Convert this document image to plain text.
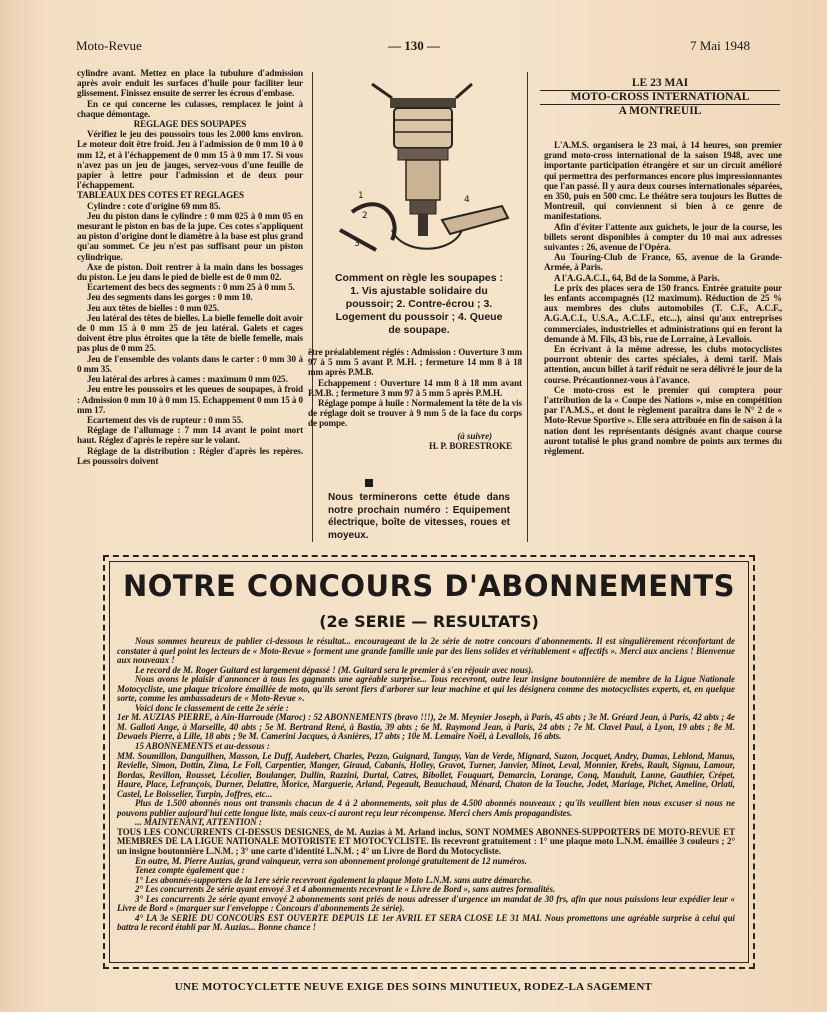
Moto-Revue	— 130 —	7 Mai 1948

cylindre avant. Mettez en place la tubulure d'admission après avoir enduit les surfaces d'huile pour faciliter leur glissement. Finissez ensuite de serrer les écrous d'embase.

En ce qui concerne les culasses, remplacez le joint à chaque démontage.

REGLAGE DES SOUPAPES

Vérifiez le jeu des poussoirs tous les 2.000 kms environ. Le moteur doit être froid. Jeu à l'admission de 0 mm 10 à 0 mm 12, et à l'échappement de 0 mm 15 à 0 mm 17. Si vous n'avez pas un jeu de jauges, servez-vous d'une feuille de papier à lettre pour l'admission et de deux pour l'échappement.

TABLEAUX DES COTES ET REGLAGES

Cylindre : cote d'origine 69 mm 85.

Jeu du piston dans le cylindre : 0 mm 025 à 0 mm 05 en mesurant le piston en bas de la jupe. Ces cotes s'appliquent au piston d'origine dont le diamètre à la base est plus grand qu'au sommet. Ce jeu n'est pas suffisant pour un piston cylindrique.

Axe de piston. Doit rentrer à la main dans les bossages du piston. Le jeu dans le pied de bielle est de 0 mm 02.

Ecartement des becs des segments : 0 mm 25 à 0 mm 5.

Jeu des segments dans les gorges : 0 mm 10.

Jeu aux têtes de bielles : 0 mm 025.

Jeu latéral des têtes de bielles. La bielle femelle doit avoir de 0 mm 15 à 0 mm 25 de jeu latéral. Galets et cages doivent être plus étroites que la tête de bielle femelle, mais pas plus de 0 mm 25.

Jeu de l'ensemble des volants dans le carter : 0 mm 30 à 0 mm 35.

Jeu latéral des arbres à cames : maximum 0 mm 025.

Jeu entre les poussoirs et les queues de soupapes, à froid : Admission 0 mm 10 à 0 mm 15. Echappement 0 mm 15 à 0 mm 17.

Ecartement des vis de rupteur : 0 mm 55.

Réglage de l'allumage : 7 mm 14 avant le point mort haut. Réglez d'après le repère sur le volant.

Réglage de la distribution : Régler d'après les repères. Les poussoirs doivent

1
2
3
4
Comment on règle les soupapes : 1. Vis ajustable solidaire du poussoir; 2. Contre-écrou ; 3. Logement du poussoir ; 4. Queue de soupape.

être préalablement réglés : Admission : Ouverture 3 mm 97 à 5 mm 5 avant P. M.H. ; fermeture 14 mm 8 à 18 mm après P.M.B.

Echappement : Ouverture 14 mm 8 à 18 mm avant P.M.B. ; fermeture 3 mm 97 à 5 mm 5 après P.M.H.

Réglage pompe à huile : Normalement la tête de la vis de réglage doit se trouver à 9 mm 5 de la face du corps de pompe.

(à suivre)

H. P. BORESTROKE

Nous terminerons cette étude dans notre prochain numéro : Equipement électrique, boîte de vitesses, roues et moyeux.
LE 23 MAI
MOTO-CROSS INTERNATIONAL
A MONTREUIL

L'A.M.S. organisera le 23 mai, à 14 heures, son premier grand moto-cross international de la saison 1948, avec une importante participation étrangère et sur un circuit amélioré qui permettra des performances encore plus impressionnantes que l'an passé. Il y aura deux courses internationales séparées, en 350, puis en 500 cmc. Le théâtre sera toujours les Buttes de Montreuil, qui conviennent si bien à ce genre de manifestations.

Afin d'éviter l'attente aux guichets, le jour de la course, les billets seront disponibles à compter du 10 mai aux adresses suivantes : 26, avenue de l'Opéra.

Au Touring-Club de France, 65, avenue de la Grande-Armée, à Paris.

A l'A.G.A.C.I., 64, Bd de la Somme, à Paris.

Le prix des places sera de 150 francs. Entrée gratuite pour les enfants accompagnés (12 maximum). Réduction de 25 % aux membres des clubs automobiles (T. C.F., A.C.F., A.G.A.C.I., U.S.A., A.C.I.F., etc...), ainsi qu'aux entreprises commerciales, industrielles et administrations qui en feront la demande à M. Fils, 43 bis, rue de Lorraine, à Levallois.

En écrivant à la même adresse, les clubs motocyclistes pourront obtenir des cartes spéciales, à demi tarif. Mais attention, aucun billet à tarif réduit ne sera délivré le jour de la course. Précautionnez-vous à l'avance.

Ce moto-cross est le premier qui comptera pour l'attribution de la « Coupe des Nations », mise en compétition par l'A.M.S., et dont le règlement paraîtra dans le N° 2 de « Moto-Revue Sportive ». Elle sera attribuée en fin de saison à la nation dont les représentants désignés avant chaque course auront totalisé le plus grand nombre de points aux termes du règlement.

NOTRE CONCOURS D'ABONNEMENTS
(2e SERIE — RESULTATS)

Nous sommes heureux de publier ci-dessous le résultat... encourageant de la 2e série de notre concours d'abonnements. Il est singulièrement réconfortant de constater à quel point les lecteurs de « Moto-Revue » forment une grande famille unie par des liens solides et véritablement « affectifs ». Merci aux anciens ! Bienvenue aux nouveaux !

Le record de M. Roger Guitard est largement dépassé ! (M. Guitard sera le premier à s'en réjouir avec nous).

Nous avons le plaisir d'annoncer à tous les gagnants une agréable surprise... Tous recevront, outre leur insigne boutonnière de membre de la Ligue Nationale Motocycliste, une plaque tricolore émaillée de moto, qu'ils seront fiers d'arborer sur leur machine et qui les désignera comme des motocyclistes experts, et, en quelque sorte, comme les ambassadeurs de « Moto-Revue ».

Voici donc le classement de cette 2e série :

1er M. AUZIAS PIERRE, à Aïn-Harroude (Maroc) : 52 ABONNEMENTS (bravo !!!), 2e M. Meynier Joseph, à Paris, 45 abts ; 3e M. Gréard Jean, à Paris, 42 abts ; 4e M. Galloti Ange, à Marseille, 40 abts ; 5e M. Bertrand René, à Bastia, 39 abts ; 6e M. Raymond Jean, à Paris, 24 abts ; 7e M. Clavel Paul, à Lyon, 19 abts ; 8e M. Dewaels Pierre, à Lille, 18 abts ; 9e M. Camerini Jacques, à Asnières, 17 abts ; 10e M. Lemaire Noël, à Levallois, 16 abts.

15 ABONNEMENTS et au-dessous :

MM. Soumillon, Danguilhen, Masson, Le Duff, Audebert, Charles, Pezzo, Guignard, Tanguy, Van de Verde, Mignard, Suzon, Jocquet, Andry, Dumas, Leblond, Manus, Revielle, Simon, Dottin, Zima, Le Foll, Carpentier, Manger, Giraud, Cabanis, Holley, Gravot, Turner, Janvier, Minot, Leval, Monnier, Krebs, Rault, Signau, Lamour, Bordas, Revillon, Rousset, Lécolier, Boulanger, Dullin, Razzini, Durtal, Catres, Bibollet, Fouquart, Demarcin, Lorange, Conq, Mauduit, Lanne, Gauthier, Crépet, Haure, Place, Lefrançois, Durner, Delattre, Morice, Marguerie, Arland, Pegeault, Beauchaud, Ménard, Chaton de la Touche, Jodet, Mariage, Pichet, Ameline, Orlati, Castel, Le Boisselier, Turpin, Joffres, etc...

Plus de 1.500 abonnés nous ont transmis chacun de 4 à 2 abonnements, soit plus de 4.500 abonnés nouveaux ; qu'ils veuillent bien nous excuser si nous ne pouvons publier aujourd'hui cette longue liste, mais ceux-ci auront reçu leur récompense. Merci chers Amis propagandistes.

... MAINTENANT, ATTENTION :

TOUS LES CONCURRENTS CI-DESSUS DESIGNES, de M. Auzias à M. Arland inclus, SONT NOMMES ABONNES-SUPPORTERS DE MOTO-REVUE ET MEMBRES DE LA LIGUE NATIONALE MOTORISTE ET MOTOCYCLISTE. Ils recevront gratuitement : 1° une plaque moto L.N.M. émaillée 3 couleurs ; 2° un insigne boutonnière L.N.M. ; 3° une carte d'identité L.N.M. ; 4° un Livre de Bord du Motocycliste.

En outre, M. Pierre Auzias, grand vainqueur, verra son abonnement prolongé gratuitement de 12 numéros.

Tenez compte également que :

1° Les abonnés-supporters de la 1ere série recevront également la plaque Moto L.N.M. sans autre démarche.

2° Les concurrents 2e série ayant envoyé 3 et 4 abonnements recevront le « Livre de Bord », sans autres formalités.

3° Les concurrents 2e série ayant envoyé 2 abonnements sont priés de nous adresser d'urgence un mandat de 30 frs, afin que nous puissions leur expédier leur « Livre de Bord » (marquer sur l'enveloppe : Concours d'abonnements 2e série).

4° LA 3e SERIE DU CONCOURS EST OUVERTE DEPUIS LE 1er AVRIL ET SERA CLOSE LE 31 MAI. Nous promettons une agréable surprise à celui qui battra le record établi par M. Auzias... Bonne chance !

UNE MOTOCYCLETTE NEUVE EXIGE DES SOINS MINUTIEUX, RODEZ-LA SAGEMENT
